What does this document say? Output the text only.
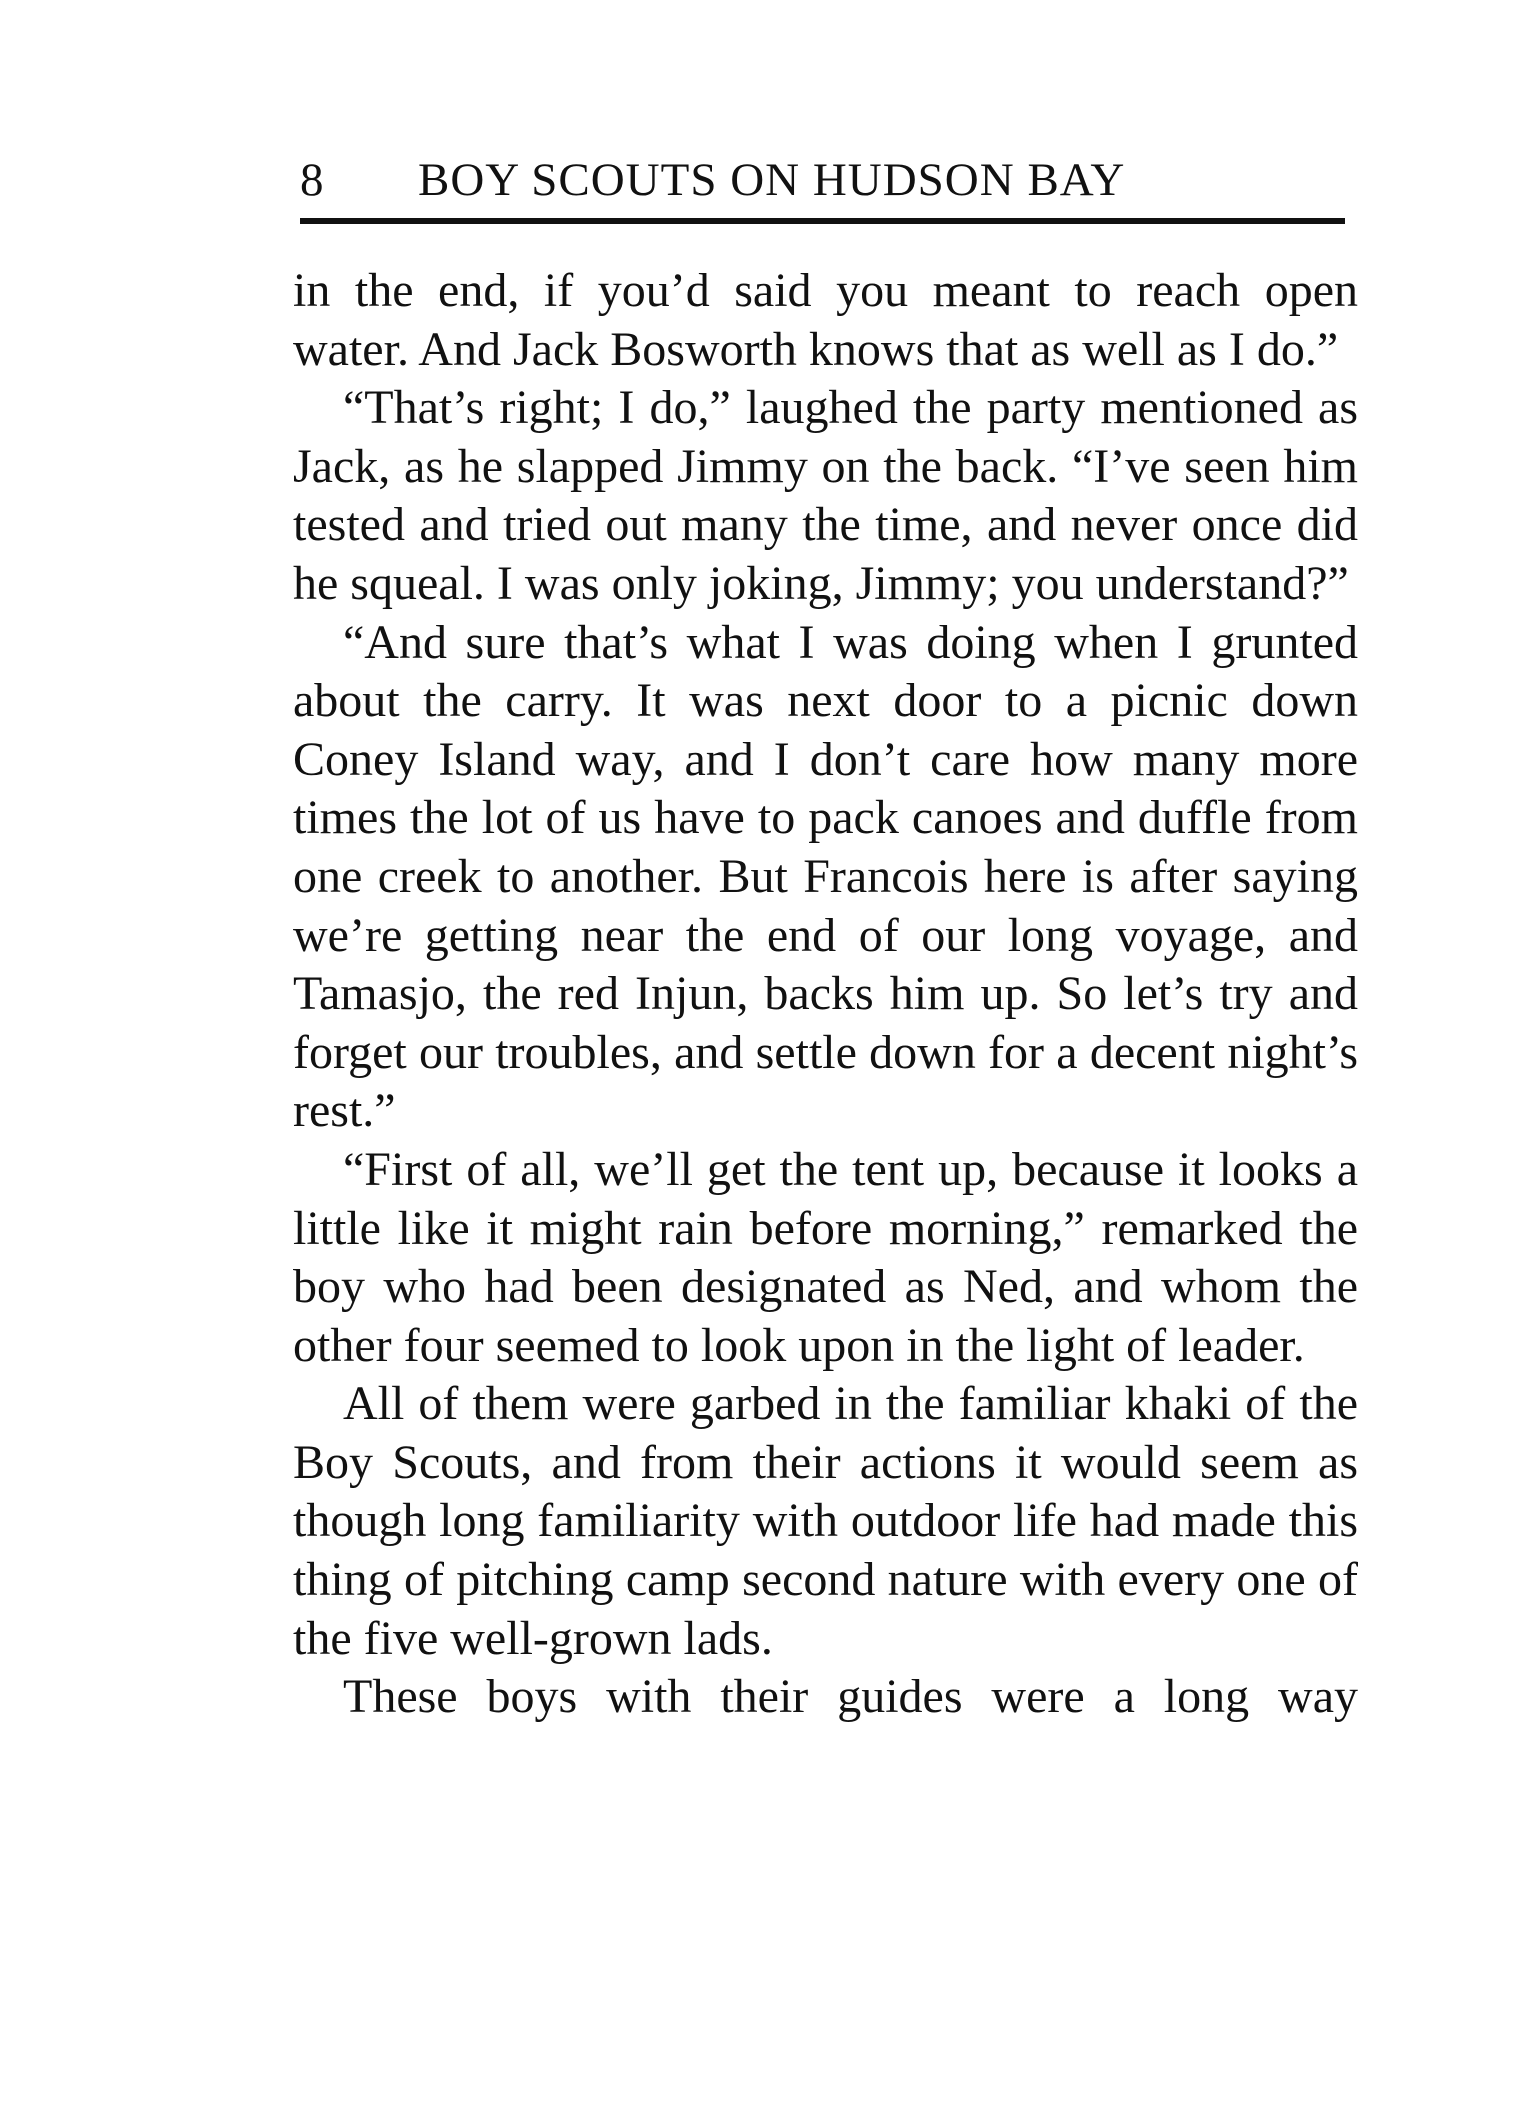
8 BOY SCOUTS ON HUDSON BAY

in the end, if you’d said you meant to reach open water. And Jack Bosworth knows that as well as I do.”

“That’s right; I do,” laughed the party mentioned as Jack, as he slapped Jimmy on the back. “I’ve seen him tested and tried out many the time, and never once did he squeal. I was only joking, Jimmy; you understand?”

“And sure that’s what I was doing when I grunted about the carry. It was next door to a picnic down Coney Island way, and I don’t care how many more times the lot of us have to pack canoes and duffle from one creek to another. But Francois here is after saying we’re getting near the end of our long voyage, and Tamasjo, the red Injun, backs him up. So let’s try and forget our troubles, and settle down for a decent night’s rest.”

“First of all, we’ll get the tent up, because it looks a little like it might rain before morning,” remarked the boy who had been designated as Ned, and whom the other four seemed to look upon in the light of leader.

All of them were garbed in the familiar khaki of the Boy Scouts, and from their actions it would seem as though long familiarity with outdoor life had made this thing of pitching camp second nature with every one of the five well-grown lads.

These boys with their guides were a long way
